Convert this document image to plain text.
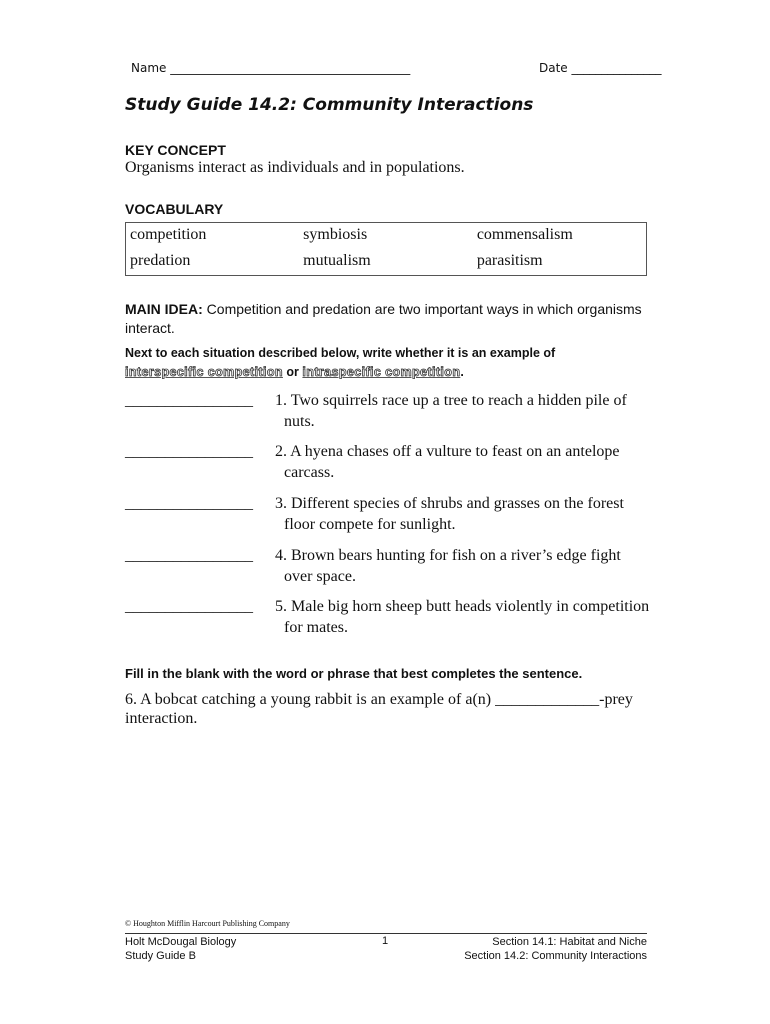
Name ________________________________________	Date _______________
Study Guide 14.2: Community Interactions
KEY CONCEPT
Organisms interact as individuals and in populations.
VOCABULARY
competition	symbiosis	commensalism
predation	mutualism	parasitism
MAIN IDEA: Competition and predation are two important ways in which organisms interact.
Next to each situation described below, write whether it is an example of
interspecific competition or intraspecific competition.
________________	1. Two squirrels race up a tree to reach a hidden pile of
nuts.
________________	2. A hyena chases off a vulture to feast on an antelope
carcass.
________________	3. Different species of shrubs and grasses on the forest
floor compete for sunlight.
________________	4. Brown bears hunting for fish on a river’s edge fight
over space.
________________	5. Male big horn sheep butt heads violently in competition
for mates.
Fill in the blank with the word or phrase that best completes the sentence.
6. A bobcat catching a young rabbit is an example of a(n) _____________-prey
interaction.
© Houghton Mifflin Harcourt Publishing Company
Holt McDougal Biology
Study Guide B
1	Section 14.1: Habitat and Niche
Section 14.2: Community Interactions
